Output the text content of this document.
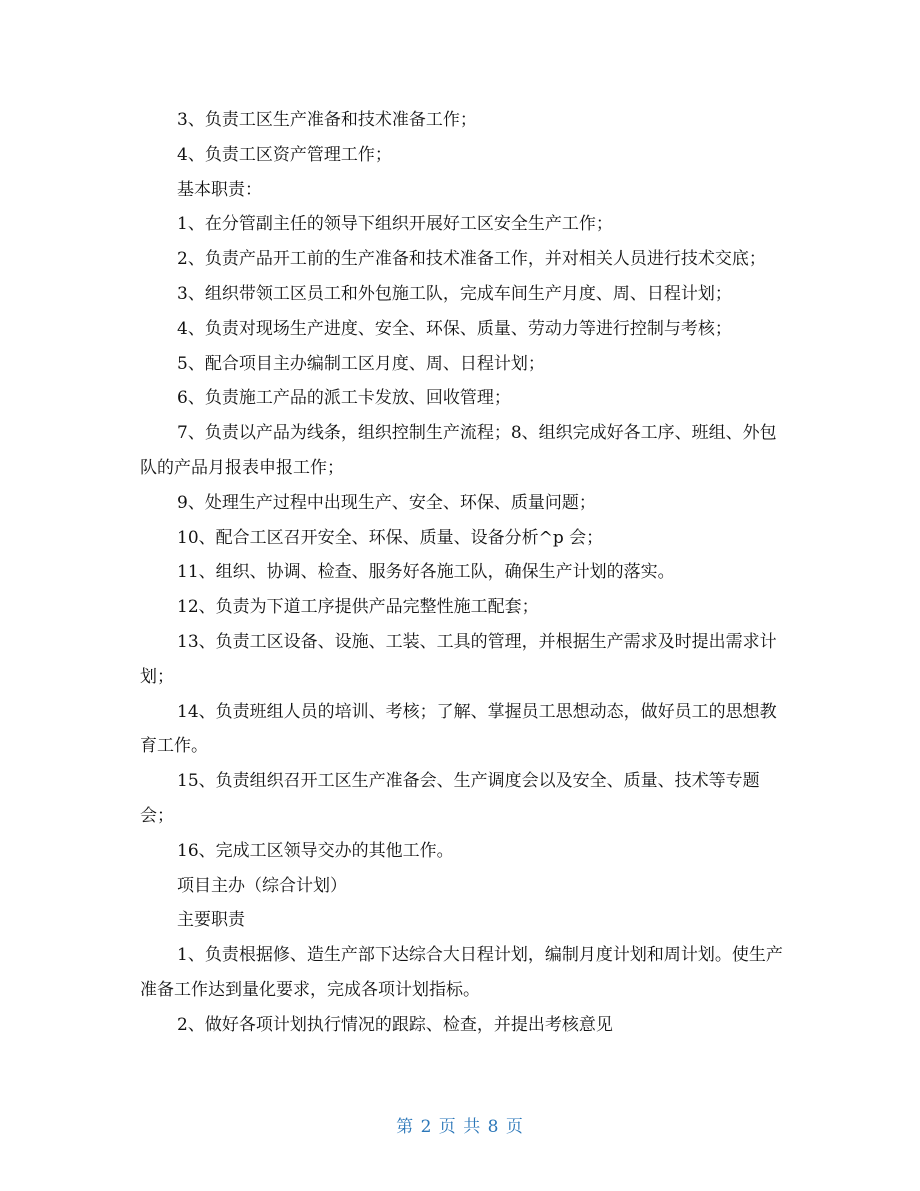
3、负责工区生产准备和技术准备工作；

4、负责工区资产管理工作；

基本职责：

1、在分管副主任的领导下组织开展好工区安全生产工作；

2、负责产品开工前的生产准备和技术准备工作，并对相关人员进行技术交底；

3、组织带领工区员工和外包施工队，完成车间生产月度、周、日程计划；

4、负责对现场生产进度、安全、环保、质量、劳动力等进行控制与考核；

5、配合项目主办编制工区月度、周、日程计划；

6、负责施工产品的派工卡发放、回收管理；

7、负责以产品为线条，组织控制生产流程；8、组织完成好各工序、班组、外包队的产品月报表申报工作；

9、处理生产过程中出现生产、安全、环保、质量问题；

10、配合工区召开安全、环保、质量、设备分析^p 会；

11、组织、协调、检查、服务好各施工队，确保生产计划的落实。

12、负责为下道工序提供产品完整性施工配套；

13、负责工区设备、设施、工装、工具的管理，并根据生产需求及时提出需求计划；

14、负责班组人员的培训、考核；了解、掌握员工思想动态，做好员工的思想教育工作。

15、负责组织召开工区生产准备会、生产调度会以及安全、质量、技术等专题会；

16、完成工区领导交办的其他工作。

项目主办（综合计划）

主要职责

1、负责根据修、造生产部下达综合大日程计划，编制月度计划和周计划。使生产准备工作达到量化要求，完成各项计划指标。

2、做好各项计划执行情况的跟踪、检查，并提出考核意见

第 2 页 共 8 页
